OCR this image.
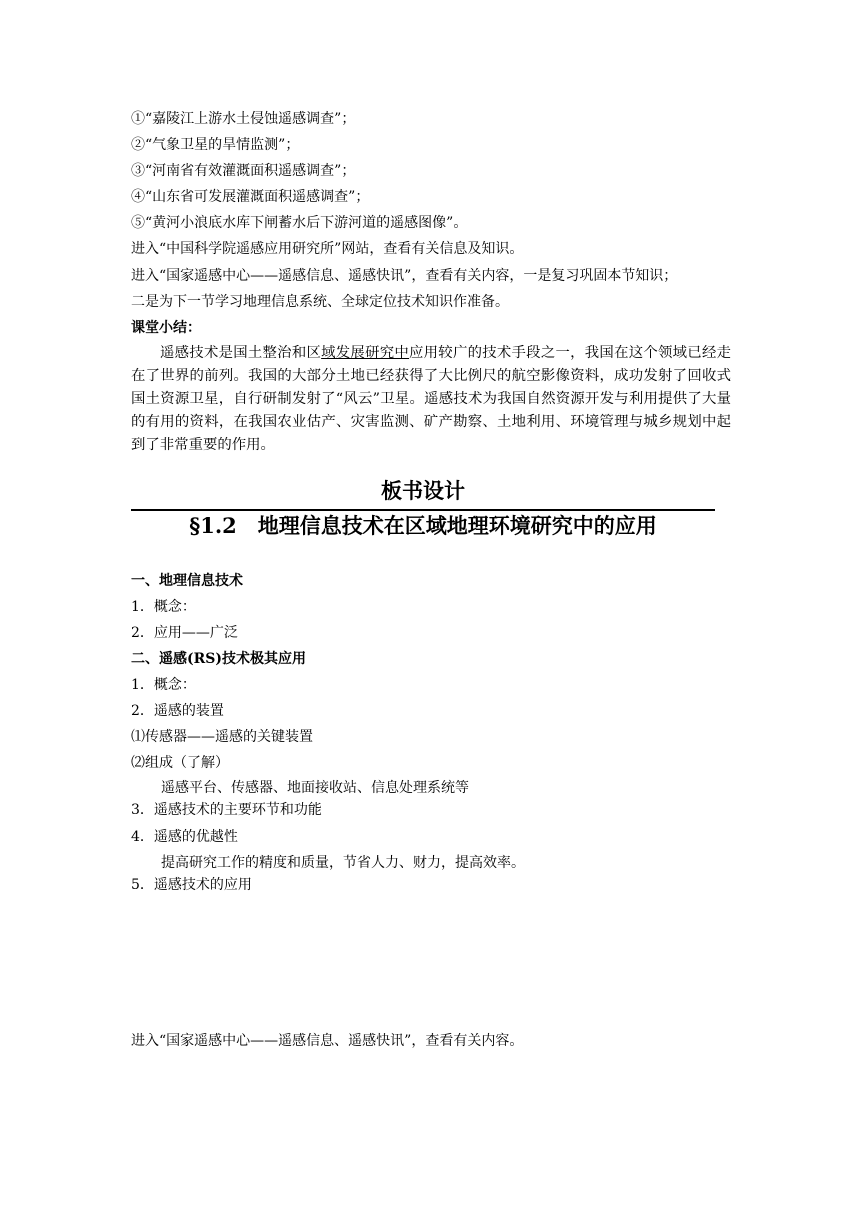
①“嘉陵江上游水土侵蚀遥感调查”；
②“气象卫星的旱情监测”；
③“河南省有效灌溉面积遥感调查”；
④“山东省可发展灌溉面积遥感调查”；
⑤“黄河小浪底水库下闸蓄水后下游河道的遥感图像”。
进入“中国科学院遥感应用研究所”网站，查看有关信息及知识。
进入“国家遥感中心——遥感信息、遥感快讯”，查看有关内容，一是复习巩固本节知识；
二是为下一节学习地理信息系统、全球定位技术知识作准备。
课堂小结：

遥感技术是国土整治和区域发展研究中应用较广的技术手段之一，我国在这个领域已经走在了世界的前列。我国的大部分土地已经获得了大比例尺的航空影像资料，成功发射了回收式国土资源卫星，自行研制发射了“风云”卫星。遥感技术为我国自然资源开发与利用提供了大量的有用的资料，在我国农业估产、灾害监测、矿产勘察、土地利用、环境管理与城乡规划中起到了非常重要的作用。

板书设计
§1.2　地理信息技术在区域地理环境研究中的应用
一、地理信息技术
1．概念：
2．应用——广泛
二、遥感(RS)技术极其应用
1．概念：
2．遥感的装置
⑴传感器——遥感的关键装置
⑵组成（了解）
遥感平台、传感器、地面接收站、信息处理系统等
3．遥感技术的主要环节和功能
4．遥感的优越性
提高研究工作的精度和质量，节省人力、财力，提高效率。
5．遥感技术的应用
进入“国家遥感中心——遥感信息、遥感快讯”，查看有关内容。
